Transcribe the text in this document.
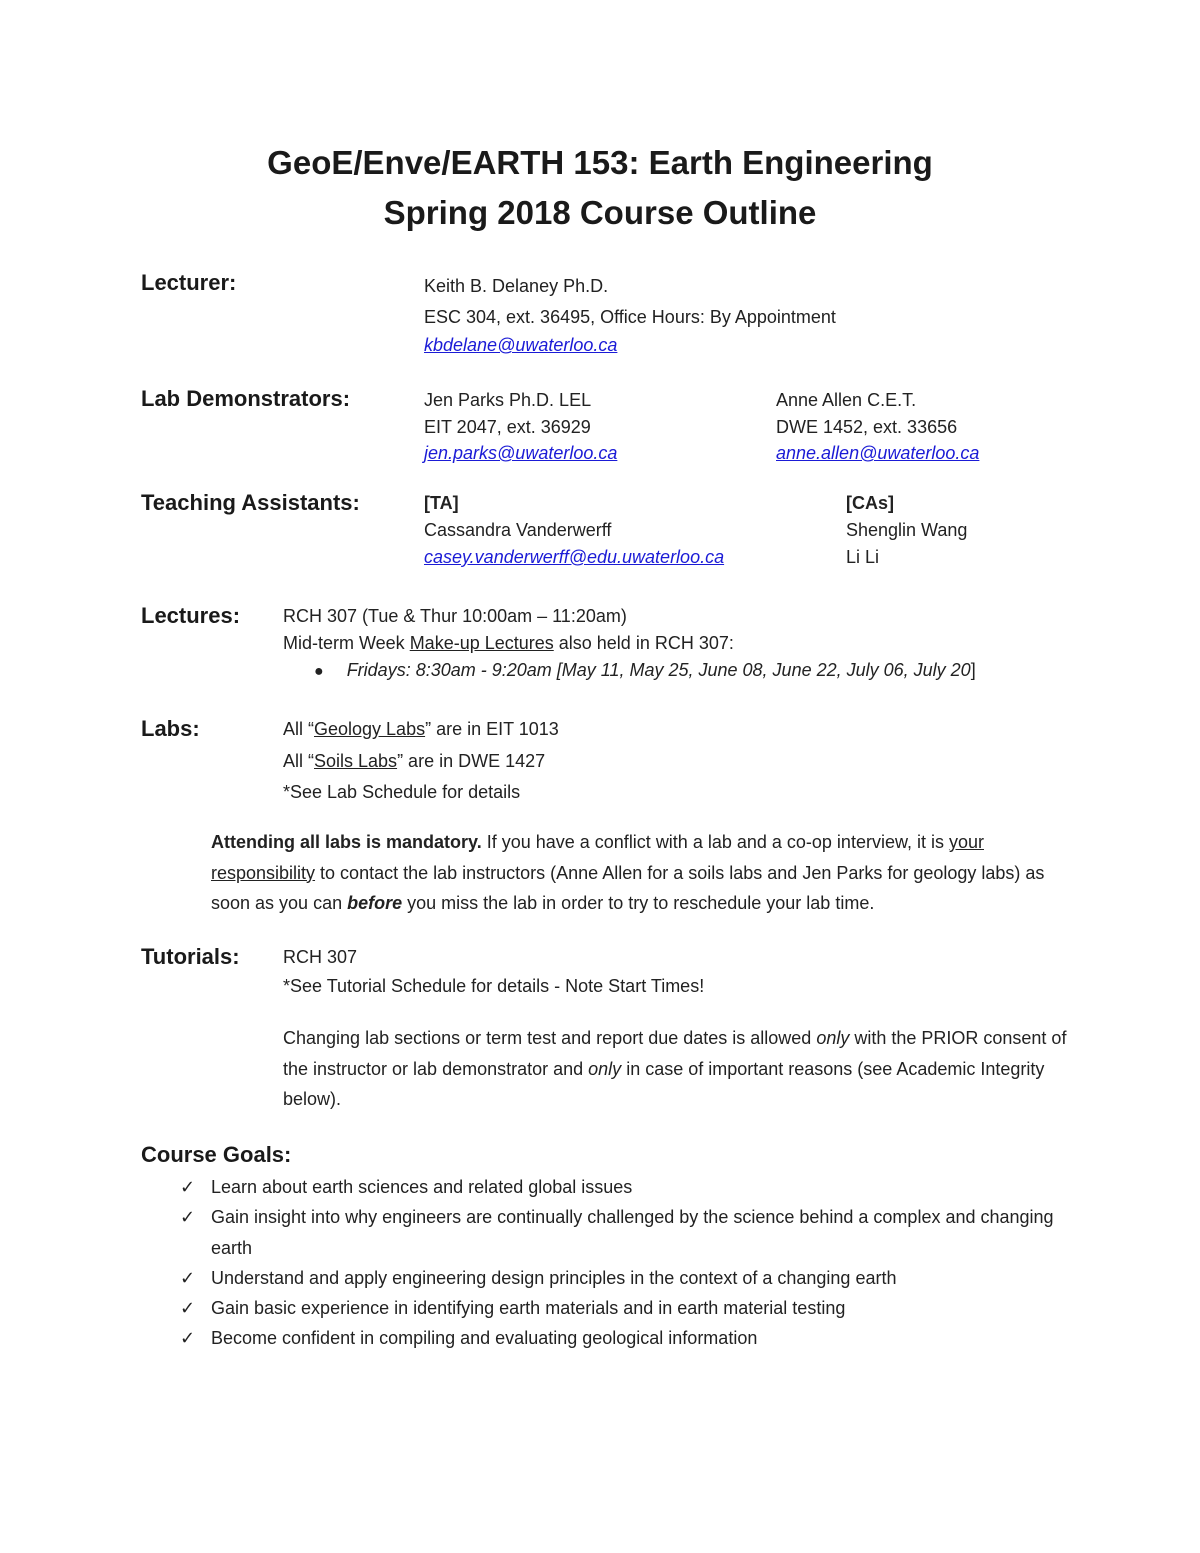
GeoE/Enve/EARTH 153: Earth Engineering
Spring 2018 Course Outline
Lecturer:	Keith B. Delaney Ph.D.
ESC 304, ext. 36495, Office Hours: By Appointment
kbdelane@uwaterloo.ca
Lab Demonstrators:	Jen Parks Ph.D. LEL
EIT 2047, ext. 36929
jen.parks@uwaterloo.ca
Anne Allen C.E.T.
DWE 1452, ext. 33656
anne.allen@uwaterloo.ca
Teaching Assistants:	[TA]
Cassandra Vanderwerff
casey.vanderwerff@edu.uwaterloo.ca
[CAs]
Shenglin Wang
Li Li
Lectures: RCH 307 (Tue & Thur 10:00am – 11:20am)
Mid-term Week Make-up Lectures also held in RCH 307:
● Fridays: 8:30am - 9:20am [May 11, May 25, June 08, June 22, July 06, July 20]
Labs:	All “Geology Labs” are in EIT 1013
All “Soils Labs” are in DWE 1427
*See Lab Schedule for details
Attending all labs is mandatory. If you have a conflict with a lab and a co-op interview, it is your responsibility to contact the lab instructors (Anne Allen for a soils labs and Jen Parks for geology labs) as soon as you can before you miss the lab in order to try to reschedule your lab time.
Tutorials: RCH 307
*See Tutorial Schedule for details - Note Start Times!
Changing lab sections or term test and report due dates is allowed only with the PRIOR consent of the instructor or lab demonstrator and only in case of important reasons (see Academic Integrity below).
Course Goals:
✓ Learn about earth sciences and related global issues
✓ Gain insight into why engineers are continually challenged by the science behind a complex and changing earth
✓ Understand and apply engineering design principles in the context of a changing earth
✓ Gain basic experience in identifying earth materials and in earth material testing
✓ Become confident in compiling and evaluating geological information
